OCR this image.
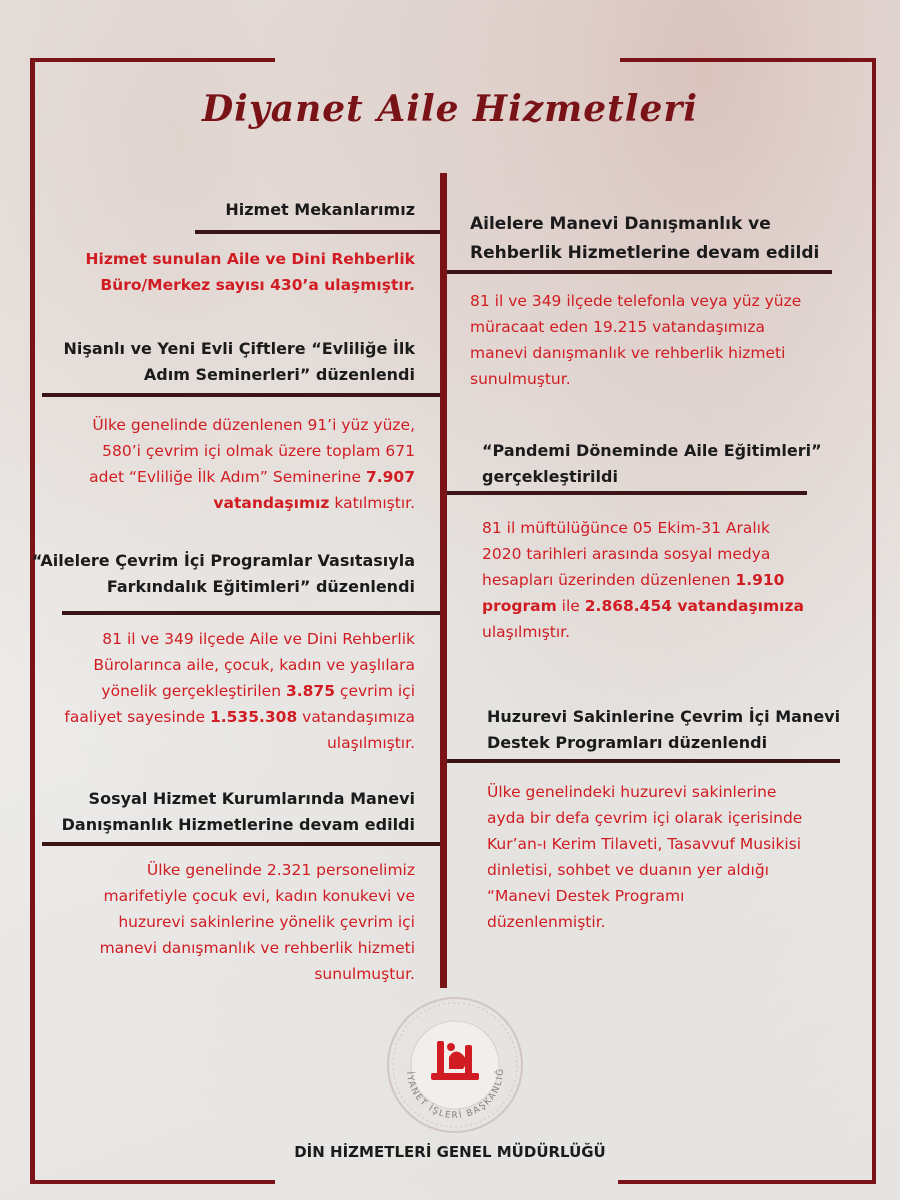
Diyanet Aile Hizmetleri
Hizmet Mekanlarımız
Hizmet sunulan Aile ve Dini Rehberlik
Büro/Merkez sayısı 430’a ulaşmıştır.
Nişanlı ve Yeni Evli Çiftlere “Evliliğe İlk
Adım Seminerleri” düzenlendi
Ülke genelinde düzenlenen 91’i yüz yüze,
580’i çevrim içi olmak üzere toplam 671
adet “Evliliğe İlk Adım” Seminerine 7.907
vatandaşımız katılmıştır.
“Ailelere Çevrim İçi Programlar Vasıtasıyla
Farkındalık Eğitimleri” düzenlendi
81 il ve 349 ilçede Aile ve Dini Rehberlik
Bürolarınca aile, çocuk, kadın ve yaşlılara
yönelik gerçekleştirilen 3.875 çevrim içi
faaliyet sayesinde 1.535.308 vatandaşımıza
ulaşılmıştır.
Sosyal Hizmet Kurumlarında Manevi
Danışmanlık Hizmetlerine devam edildi
Ülke genelinde 2.321 personelimiz
marifetiyle çocuk evi, kadın konukevi ve
huzurevi sakinlerine yönelik çevrim içi
manevi danışmanlık ve rehberlik hizmeti
sunulmuştur.
Ailelere Manevi Danışmanlık ve
Rehberlik Hizmetlerine devam edildi
81 il ve 349 ilçede telefonla veya yüz yüze
müracaat eden 19.215 vatandaşımıza
manevi danışmanlık ve rehberlik hizmeti
sunulmuştur.
“Pandemi Döneminde Aile Eğitimleri”
gerçekleştirildi
81 il müftülüğünce 05 Ekim-31 Aralık
2020 tarihleri arasında sosyal medya
hesapları üzerinden düzenlenen 1.910
program ile 2.868.454 vatandaşımıza
ulaşılmıştır.
Huzurevi Sakinlerine Çevrim İçi Manevi
Destek Programları düzenlendi
Ülke genelindeki huzurevi sakinlerine
ayda bir defa çevrim içi olarak içerisinde
Kur’an-ı Kerim Tilaveti, Tasavvuf Musikisi
dinletisi, sohbet ve duanın yer aldığı
“Manevi Destek Programı
düzenlenmiştir.
İYANET İŞLERİ BAŞKANLIĞ
DİN HİZMETLERİ GENEL MÜDÜRLÜĞÜ
